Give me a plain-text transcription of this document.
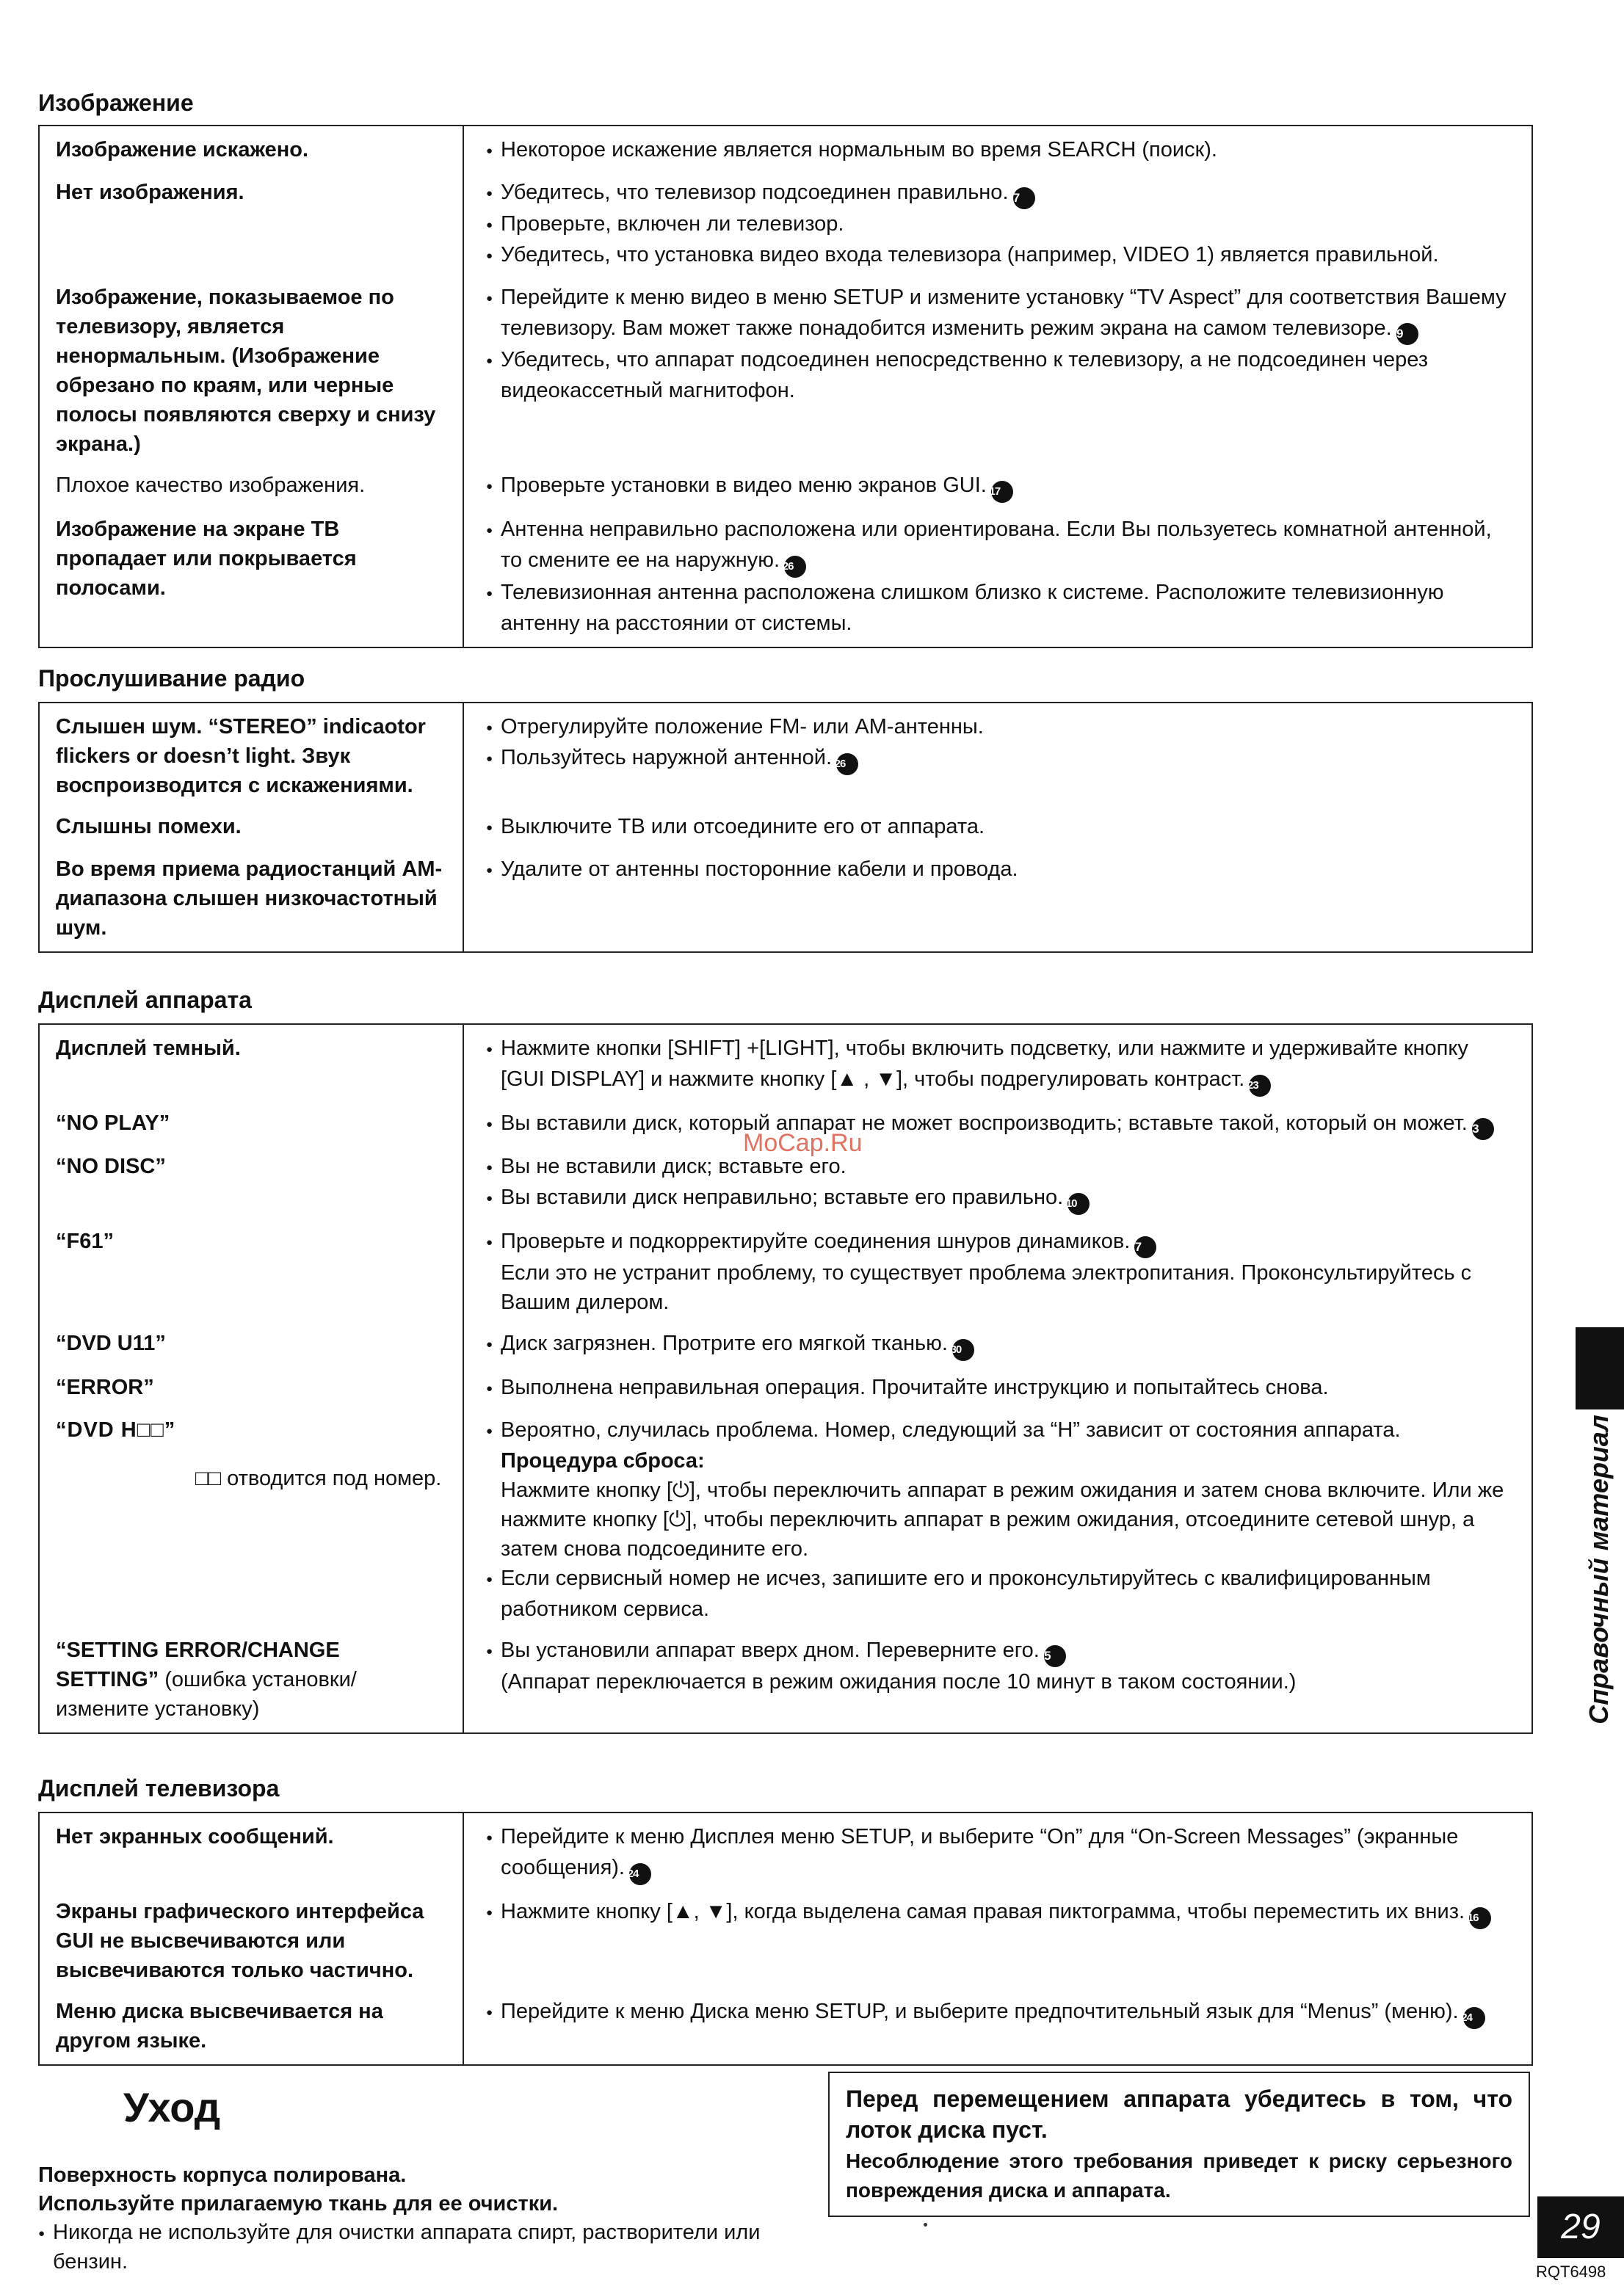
Изображение
Изображение искажено.	● Некоторое искажение является нормальным во время SEARCH (поиск).

Нет изображения.	● Убедитесь, что телевизор подсоединен правильно. 7
● Проверьте, включен ли телевизор.
● Убедитесь, что установка видео входа телевизора (например, VIDEO 1) является правильной.

Изображение, показываемое по телевизору, является ненормальным. (Изображение обрезано по краям, или черные полосы появляются сверху и снизу экрана.)	● Перейдите к меню видео в меню SETUP и измените установку “TV Aspect” для соответствия Вашему телевизору. Вам может также понадобится изменить режим экрана на самом телевизоре. 9
● Убедитесь, что аппарат подсоединен непосредственно к телевизору, а не подсоединен через видеокассетный магнитофон.

Плохое качество изображения.	● Проверьте установки в видео меню экранов GUI. 17

Изображение на экране ТВ пропадает или покрывается полосами.	● Антенна неправильно расположена или ориентирована. Если Вы пользуетесь комнатной антенной, то смените ее на наружную. 26
● Телевизионная антенна расположена слишком близко к системе. Расположите телевизионную антенну на расстоянии от системы.
Прослушивание радио
Слышен шум. “STEREO” indicaotor flickers or doesn’t light. Звук воспроизводится с искажениями.	● Отрегулируйте положение FM- или AM-антенны.
● Пользуйтесь наружной антенной. 26

Слышны помехи.	● Выключите ТВ или отсоедините его от аппарата.

Во время приема радиостанций AM-диапазона слышен низкочастотный шум.	● Удалите от антенны посторонние кабели и провода.
Дисплей аппарата
Дисплей темный.	● Нажмите кнопки [SHIFT] +[LIGHT], чтобы включить подсветку, или нажмите и удерживайте кнопку [GUI DISPLAY] и нажмите кнопку [▲ , ▼], чтобы подрегулировать контраст. 23

“NO PLAY”	● Вы вставили диск, который аппарат не может воспроизводить; вставьте такой, который он может. 3

“NO DISC”	● Вы не вставили диск; вставьте его.
● Вы вставили диск неправильно; вставьте его правильно. 10

“F61”	● Проверьте и подкорректируйте соединения шнуров динамиков. 7
Если это не устранит проблему, то существует проблема электропитания. Проконсультируйтесь с Вашим дилером.

“DVD U11”	● Диск загрязнен. Протрите его мягкой тканью. 30

“ERROR”	● Выполнена неправильная операция. Прочитайте инструкцию и попытайтесь снова.

“DVD H□□”
□□ отводится под номер.	● Вероятно, случилась проблема. Номер, следующий за “H” зависит от состояния аппарата.
Процедура сброса:
Нажмите кнопку [⏻], чтобы переключить аппарат в режим ожидания и затем снова включите. Или же нажмите кнопку [⏻], чтобы переключить аппарат в режим ожидания, отсоедините сетевой шнур, а затем снова подсоедините его.
● Если сервисный номер не исчез, запишите его и проконсультируйтесь с квалифицированным работником сервиса.

“SETTING ERROR/CHANGE SETTING” (ошибка установки/ измените установку)	● Вы установили аппарат вверх дном. Переверните его. 5
(Аппарат переключается в режим ожидания после 10 минут в таком состоянии.)
Дисплей телевизора
Нет экранных сообщений.	● Перейдите к меню Дисплея меню SETUP, и выберите “On” для “On-Screen Messages” (экранные сообщения). 24

Экраны графического интерфейса GUI не высвечиваются или высвечиваются только частично.	● Нажмите кнопку [▲, ▼], когда выделена самая правая пиктограмма, чтобы переместить их вниз. 16

Меню диска высвечивается на другом языке.	● Перейдите к меню Диска меню SETUP, и выберите предпочтительный язык для “Menus” (меню). 24
MoCap.Ru
Справочный материал
Уход
Поверхность корпуса полирована.
Используйте прилагаемую ткань для ее очистки.
● Никогда не используйте для очистки аппарата спирт, растворители или бензин.
Перед перемещением аппарата убедитесь в том, что лоток диска пуст.
Несоблюдение этого требования приведет к риску серьезного повреждения диска и аппарата.
29
RQT6498
